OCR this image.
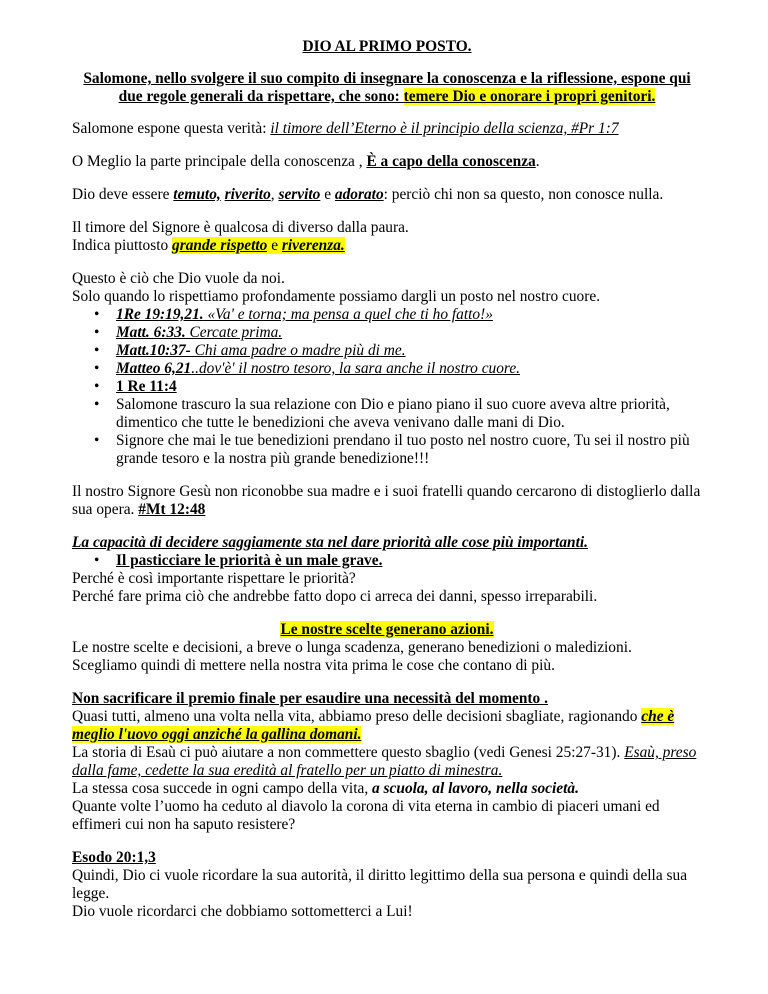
DIO AL PRIMO POSTO.

Salomone, nello svolgere il suo compito di insegnare la conoscenza e la riflessione, espone qui due regole generali da rispettare, che sono: temere Dio e onorare i propri genitori.

Salomone espone questa verità: il timore dell’Eterno è il principio della scienza, #Pr 1:7

O Meglio la parte principale della conoscenza , È a capo della conoscenza.

Dio deve essere temuto, riverito, servito e adorato: perciò chi non sa questo, non conosce nulla.

Il timore del Signore è qualcosa di diverso dalla paura.

Indica piuttosto grande rispetto e riverenza.

Questo è ciò che Dio vuole da noi.

Solo quando lo rispettiamo profondamente possiamo dargli un posto nel nostro cuore.

• 1Re 19:19,21. «Va' e torna; ma pensa a quel che ti ho fatto!»
• Matt. 6:33. Cercate prima.
• Matt.10:37- Chi ama padre o madre più di me.
• Matteo 6,21..dov'è' il nostro tesoro, la sara anche il nostro cuore.
• 1 Re 11:4
• Salomone trascuro la sua relazione con Dio e piano piano il suo cuore aveva altre priorità, dimentico che tutte le benedizioni che aveva venivano dalle mani di Dio.
• Signore che mai le tue benedizioni prendano il tuo posto nel nostro cuore, Tu sei il nostro più grande tesoro e la nostra più grande benedizione!!!

Il nostro Signore Gesù non riconobbe sua madre e i suoi fratelli quando cercarono di distoglierlo dalla sua opera. #Mt 12:48

La capacità di decidere saggiamente sta nel dare priorità alle cose più importanti.

• Il pasticciare le priorità è un male grave.

Perché è così importante rispettare le priorità?

Perché fare prima ciò che andrebbe fatto dopo ci arreca dei danni, spesso irreparabili.

Le nostre scelte generano azioni.

Le nostre scelte e decisioni, a breve o lunga scadenza, generano benedizioni o maledizioni.

Scegliamo quindi di mettere nella nostra vita prima le cose che contano di più.

Non sacrificare il premio finale per esaudire una necessità del momento .

Quasi tutti, almeno una volta nella vita, abbiamo preso delle decisioni sbagliate, ragionando che è meglio l'uovo oggi anziché la gallina domani.

La storia di Esaù ci può aiutare a non commettere questo sbaglio (vedi Genesi 25:27-31). Esaù, preso dalla fame, cedette la sua eredità al fratello per un piatto di minestra.

La stessa cosa succede in ogni campo della vita, a scuola, al lavoro, nella società.

Quante volte l’uomo ha ceduto al diavolo la corona di vita eterna in cambio di piaceri umani ed effimeri cui non ha saputo resistere?

Esodo 20:1,3

Quindi, Dio ci vuole ricordare la sua autorità, il diritto legittimo della sua persona e quindi della sua legge.

Dio vuole ricordarci che dobbiamo sottometterci a Lui!
